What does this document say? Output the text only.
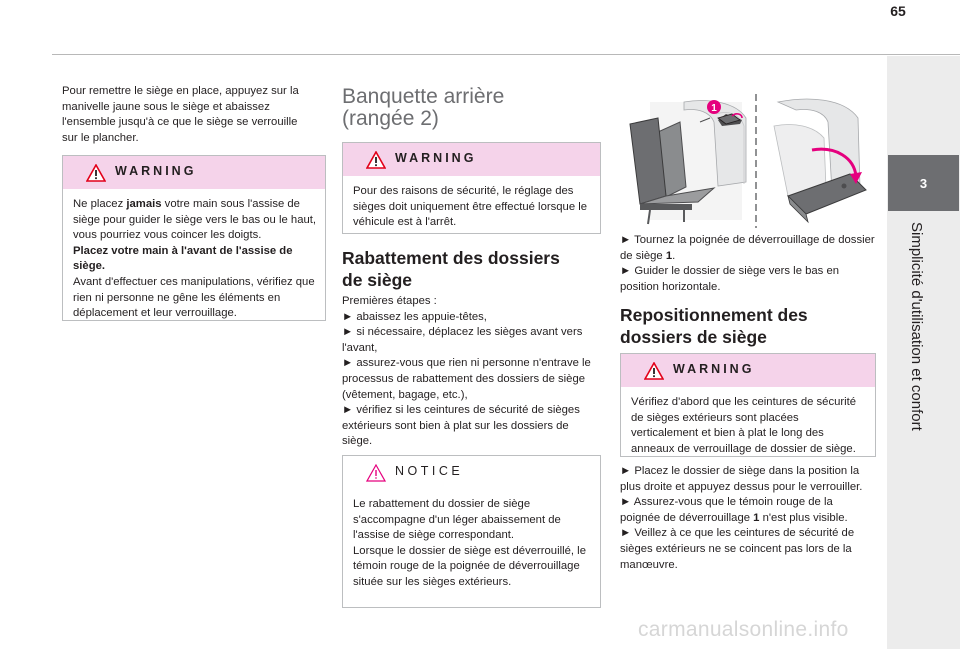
65
3
Simplicité d'utilisation et confort

Pour remettre le siège en place, appuyez sur la manivelle jaune sous le siège et abaissez l'ensemble jusqu'à ce que le siège se verrouille sur le plancher.

WARNING

Ne placez jamais votre main sous l'assise de siège pour guider le siège vers le bas ou le haut, vous pourriez vous coincer les doigts.
Placez votre main à l'avant de l'assise de siège.
Avant d'effectuer ces manipulations, vérifiez que rien ni personne ne gêne les éléments en déplacement et leur verrouillage.

Banquette arrière

(rangée 2)

WARNING

Pour des raisons de sécurité, le réglage des sièges doit uniquement être effectué lorsque le véhicule est à l'arrêt.

Rabattement des dossiers

de siège

Premières étapes :

► abaissez les appuie-têtes,

► si nécessaire, déplacez les sièges avant vers l'avant,

► assurez-vous que rien ni personne n'entrave le processus de rabattement des dossiers de siège (vêtement, bagage, etc.),

► vérifiez si les ceintures de sécurité de sièges extérieurs sont bien à plat sur les dossiers de siège.

NOTICE

Le rabattement du dossier de siège s'accompagne d'un léger abaissement de l'assise de siège correspondant.

Lorsque le dossier de siège est déverrouillé, le témoin rouge de la poignée de déverrouillage située sur les sièges extérieurs.

1

► Tournez la poignée de déverrouillage de dossier de siège 1.

► Guider le dossier de siège vers le bas en position horizontale.

Repositionnement des

dossiers de siège

WARNING

Vérifiez d'abord que les ceintures de sécurité de sièges extérieurs sont placées verticalement et bien à plat le long des anneaux de verrouillage de dossier de siège.

► Placez le dossier de siège dans la position la plus droite et appuyez dessus pour le verrouiller.

► Assurez-vous que le témoin rouge de la poignée de déverrouillage 1 n'est plus visible.

► Veillez à ce que les ceintures de sécurité de sièges extérieurs ne se coincent pas lors de la manœuvre.

carmanualsonline.info
